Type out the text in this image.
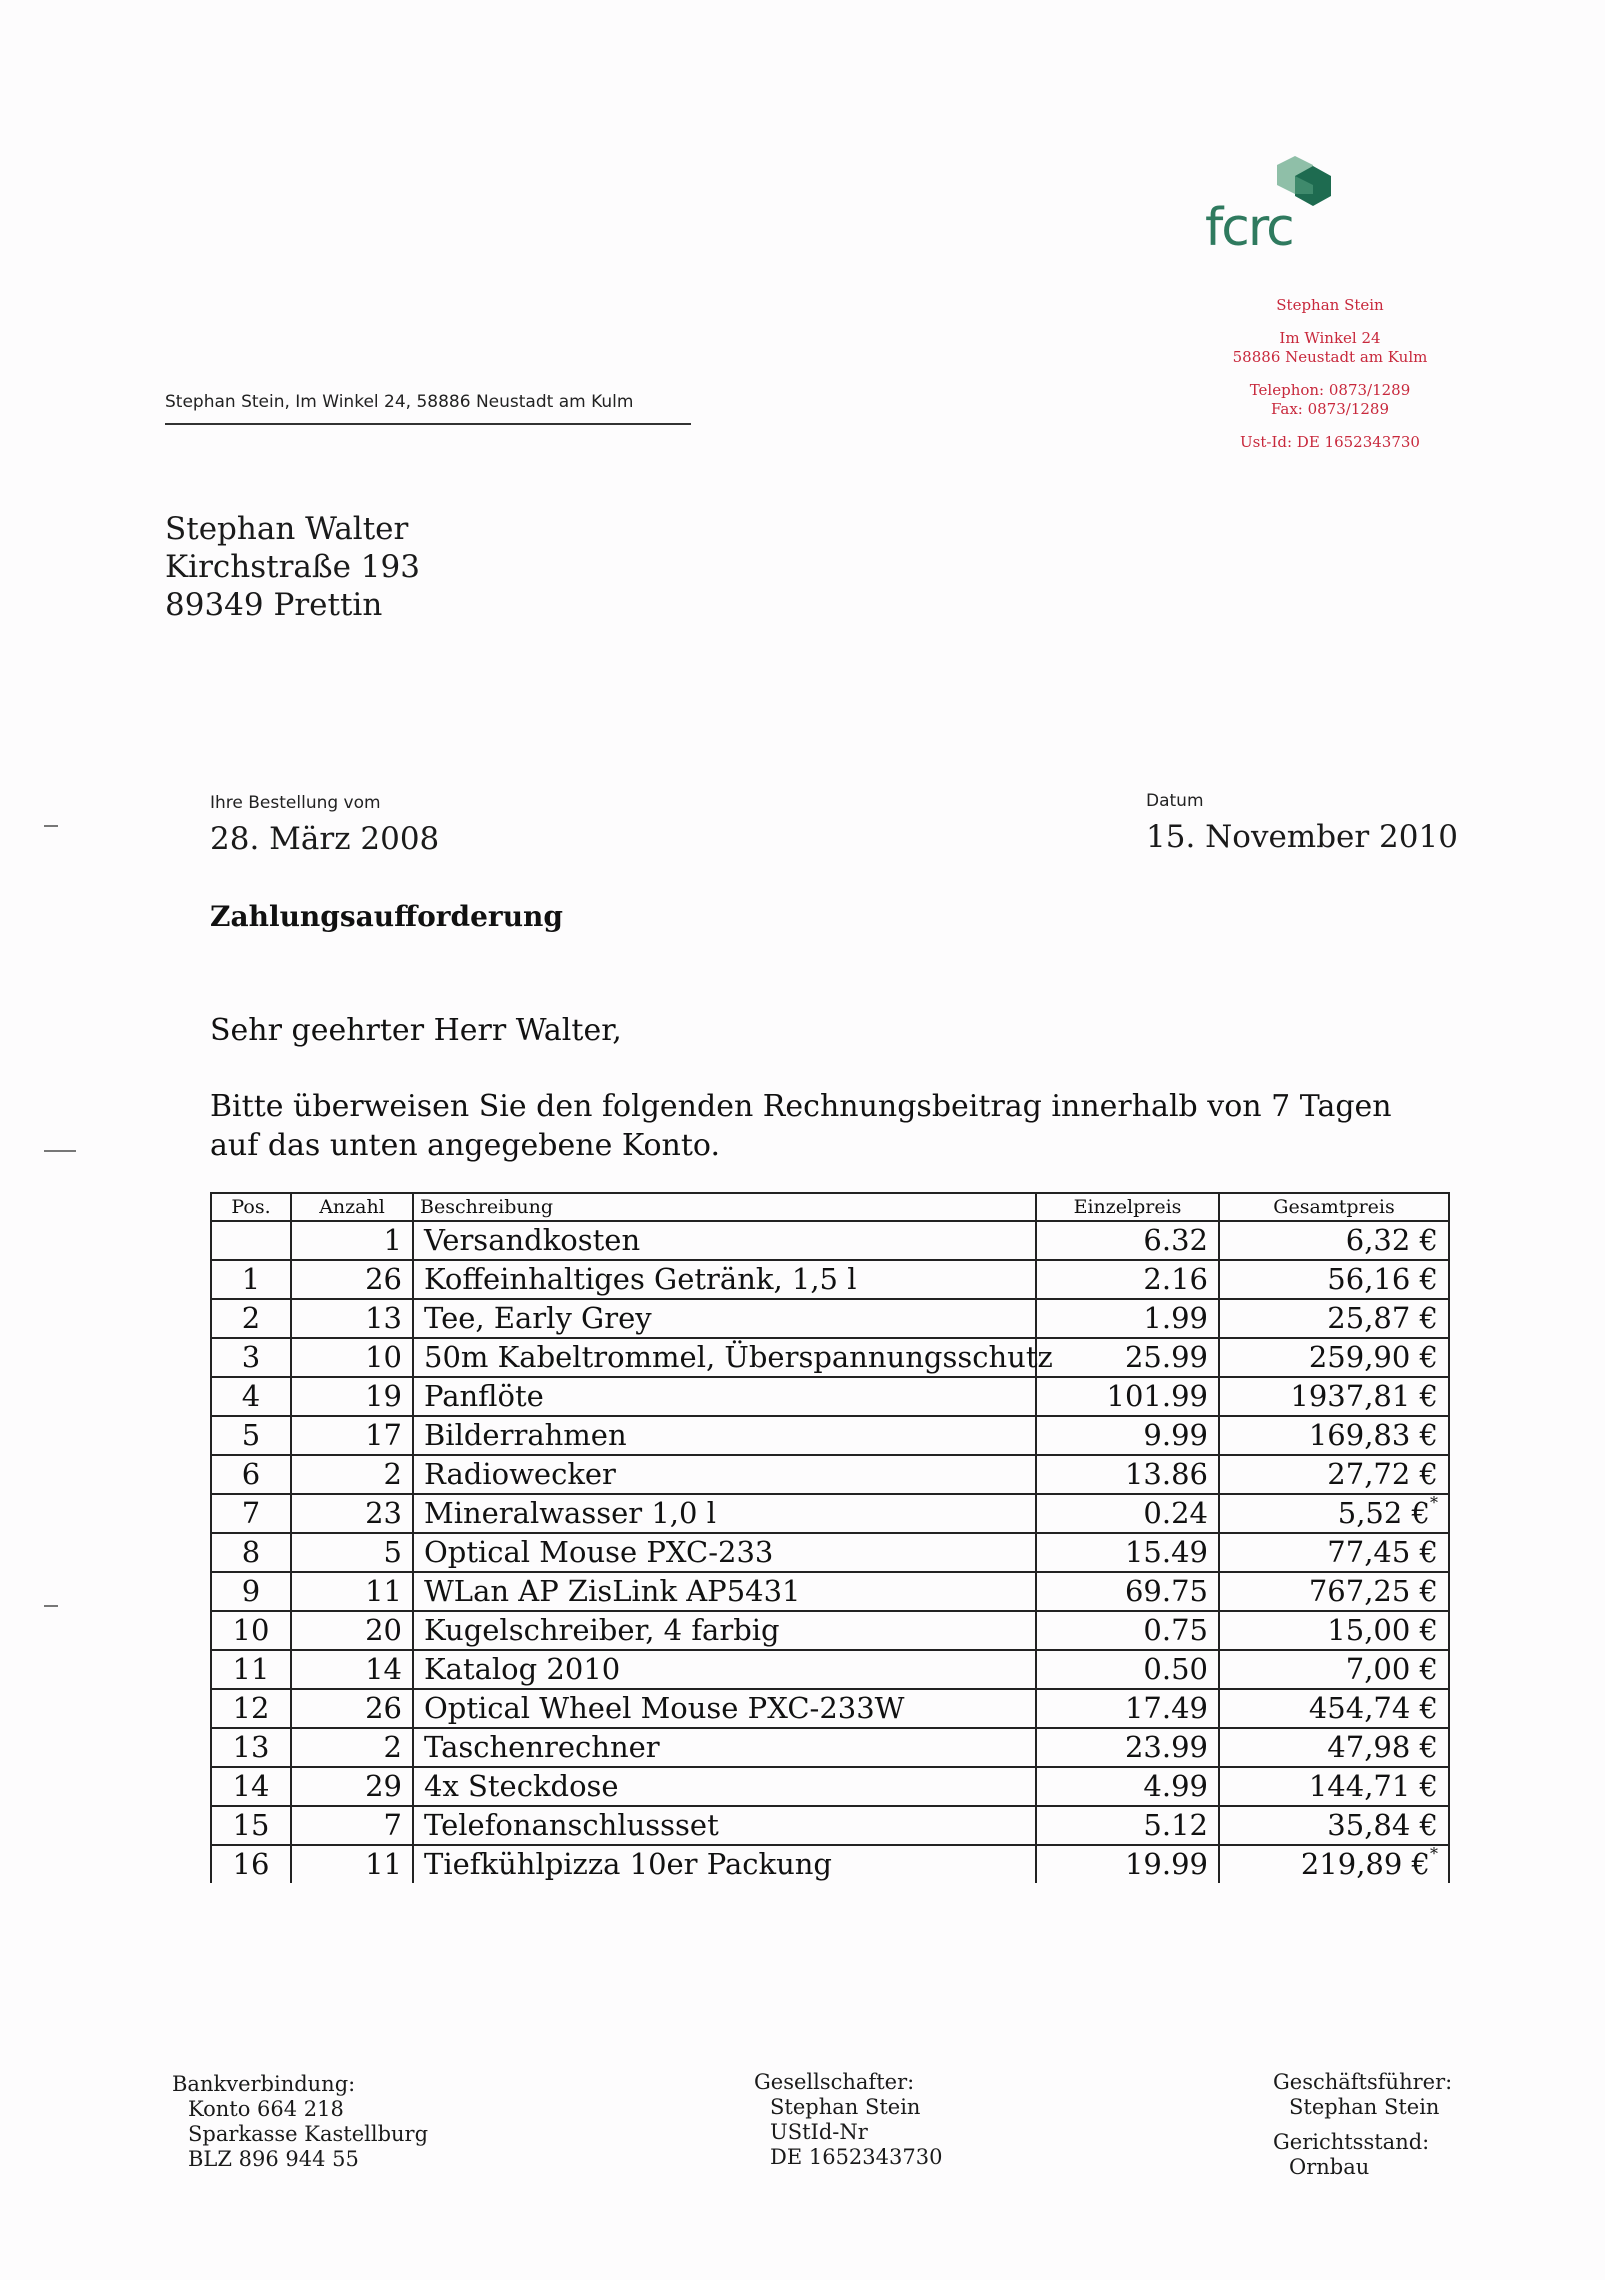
fcrc
Stephan Stein
Im Winkel 24
58886 Neustadt am Kulm
Telephon: 0873/1289
Fax: 0873/1289
Ust-Id: DE 1652343730
Stephan Stein, Im Winkel 24, 58886 Neustadt am Kulm
Stephan Walter
Kirchstraße 193
89349 Prettin
Ihre Bestellung vom
28. März 2008
Datum
15. November 2010
Zahlungsaufforderung
Sehr geehrter Herr Walter,
Bitte überweisen Sie den folgenden Rechnungsbeitrag innerhalb von 7 Tagen
auf das unten angegebene Konto.
Pos.	Anzahl	Beschreibung	Einzelpreis	Gesamtpreis
	1	Versandkosten	6.32	6,32 €
1	26	Koffeinhaltiges Getränk, 1,5 l	2.16	56,16 €
2	13	Tee, Early Grey	1.99	25,87 €
3	10	50m Kabeltrommel, Überspannungsschutz	25.99	259,90 €
4	19	Panflöte	101.99	1937,81 €
5	17	Bilderrahmen	9.99	169,83 €
6	2	Radiowecker	13.86	27,72 €
7	23	Mineralwasser 1,0 l	0.24	5,52 €*
8	5	Optical Mouse PXC-233	15.49	77,45 €
9	11	WLan AP ZisLink AP5431	69.75	767,25 €
10	20	Kugelschreiber, 4 farbig	0.75	15,00 €
11	14	Katalog 2010	0.50	7,00 €
12	26	Optical Wheel Mouse PXC-233W	17.49	454,74 €
13	2	Taschenrechner	23.99	47,98 €
14	29	4x Steckdose	4.99	144,71 €
15	7	Telefonanschlussset	5.12	35,84 €
16	11	Tiefkühlpizza 10er Packung	19.99	219,89 €*
Bankverbindung:
Konto 664 218
Sparkasse Kastellburg
BLZ 896 944 55
Gesellschafter:
Stephan Stein
UStId-Nr
DE 1652343730
Geschäftsführer:
Stephan Stein
Gerichtsstand:
Ornbau
